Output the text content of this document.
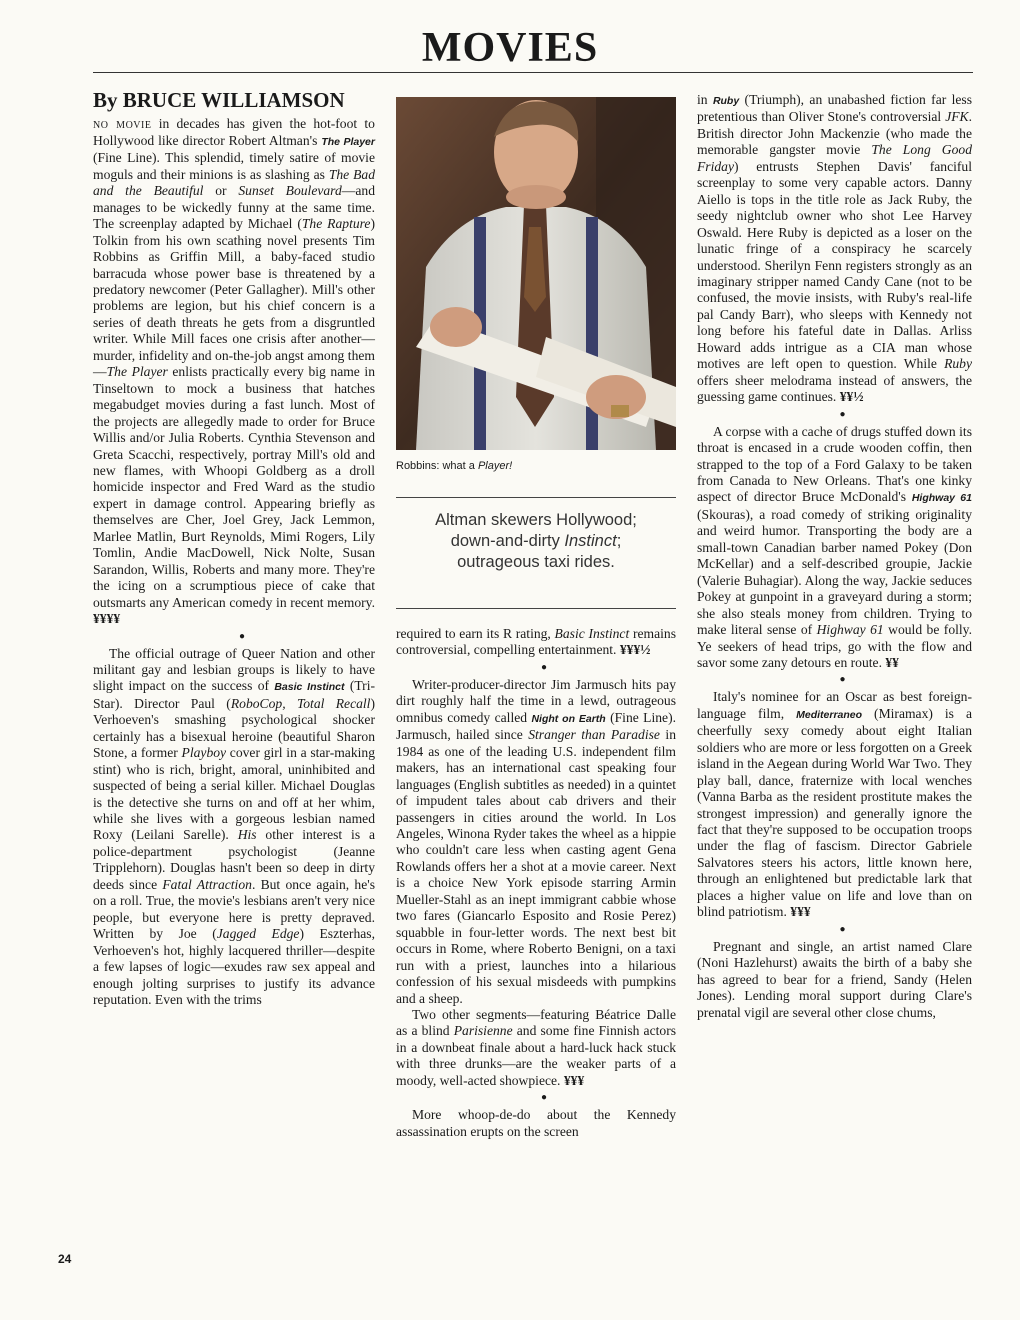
MOVIES
By BRUCE WILLIAMSON

no movie in decades has given the hot-foot to Hollywood like director Robert Altman's The Player (Fine Line). This splendid, timely satire of movie moguls and their minions is as slashing as The Bad and the Beautiful or Sunset Boulevard—and manages to be wickedly funny at the same time. The screenplay adapted by Michael (The Rapture) Tolkin from his own scathing novel presents Tim Robbins as Griffin Mill, a baby-faced studio barracuda whose power base is threatened by a predatory newcomer (Peter Gallagher). Mill's other problems are legion, but his chief concern is a series of death threats he gets from a disgruntled writer. While Mill faces one crisis after another—murder, infidelity and on-the-job angst among them—The Player enlists practically every big name in Tinseltown to mock a business that hatches megabudget movies during a fast lunch. Most of the projects are allegedly made to order for Bruce Willis and/or Julia Roberts. Cynthia Stevenson and Greta Scacchi, respectively, portray Mill's old and new flames, with Whoopi Goldberg as a droll homicide inspector and Fred Ward as the studio expert in damage control. Appearing briefly as themselves are Cher, Joel Grey, Jack Lemmon, Marlee Matlin, Burt Reynolds, Mimi Rogers, Lily Tomlin, Andie MacDowell, Nick Nolte, Susan Sarandon, Willis, Roberts and many more. They're the icing on a scrumptious piece of cake that outsmarts any American comedy in recent memory. ¥¥¥¥

●

The official outrage of Queer Nation and other militant gay and lesbian groups is likely to have slight impact on the success of Basic Instinct (Tri-Star). Director Paul (RoboCop, Total Recall) Verhoeven's smashing psychological shocker certainly has a bisexual heroine (beautiful Sharon Stone, a former Playboy cover girl in a star-making stint) who is rich, bright, amoral, uninhibited and suspected of being a serial killer. Michael Douglas is the detective she turns on and off at her whim, while she lives with a gorgeous lesbian named Roxy (Leilani Sarelle). His other interest is a police-department psychologist (Jeanne Tripplehorn). Douglas hasn't been so deep in dirty deeds since Fatal Attraction. But once again, he's on a roll. True, the movie's lesbians aren't very nice people, but everyone here is pretty depraved. Written by Joe (Jagged Edge) Eszterhas, Verhoeven's hot, highly lacquered thriller—despite a few lapses of logic—exudes raw sex appeal and enough jolting surprises to justify its advance reputation. Even with the trims

Robbins: what a Player!

Altman skewers Hollywood;
down-and-dirty Instinct;
outrageous taxi rides.

required to earn its R rating, Basic Instinct remains controversial, compelling entertainment. ¥¥¥½

●

Writer-producer-director Jim Jarmusch hits pay dirt roughly half the time in a lewd, outrageous omnibus comedy called Night on Earth (Fine Line). Jarmusch, hailed since Stranger than Paradise in 1984 as one of the leading U.S. independent film makers, has an international cast speaking four languages (English subtitles as needed) in a quintet of impudent tales about cab drivers and their passengers in cities around the world. In Los Angeles, Winona Ryder takes the wheel as a hippie who couldn't care less when casting agent Gena Rowlands offers her a shot at a movie career. Next is a choice New York episode starring Armin Mueller-Stahl as an inept immigrant cabbie whose two fares (Giancarlo Esposito and Rosie Perez) squabble in four-letter words. The next best bit occurs in Rome, where Roberto Benigni, on a taxi run with a priest, launches into a hilarious confession of his sexual misdeeds with pumpkins and a sheep.

Two other segments—featuring Béatrice Dalle as a blind Parisienne and some fine Finnish actors in a downbeat finale about a hard-luck hack stuck with three drunks—are the weaker parts of a moody, well-acted showpiece. ¥¥¥

●

More whoop-de-do about the Kennedy assassination erupts on the screen

in Ruby (Triumph), an unabashed fiction far less pretentious than Oliver Stone's controversial JFK. British director John Mackenzie (who made the memorable gangster movie The Long Good Friday) entrusts Stephen Davis' fanciful screenplay to some very capable actors. Danny Aiello is tops in the title role as Jack Ruby, the seedy nightclub owner who shot Lee Harvey Oswald. Here Ruby is depicted as a loser on the lunatic fringe of a conspiracy he scarcely understood. Sherilyn Fenn registers strongly as an imaginary stripper named Candy Cane (not to be confused, the movie insists, with Ruby's real-life pal Candy Barr), who sleeps with Kennedy not long before his fateful date in Dallas. Arliss Howard adds intrigue as a CIA man whose motives are left open to question. While Ruby offers sheer melodrama instead of answers, the guessing game continues. ¥¥½

●

A corpse with a cache of drugs stuffed down its throat is encased in a crude wooden coffin, then strapped to the top of a Ford Galaxy to be taken from Canada to New Orleans. That's one kinky aspect of director Bruce McDonald's Highway 61 (Skouras), a road comedy of striking originality and weird humor. Transporting the body are a small-town Canadian barber named Pokey (Don McKellar) and a self-described groupie, Jackie (Valerie Buhagiar). Along the way, Jackie seduces Pokey at gunpoint in a graveyard during a storm; she also steals money from children. Trying to make literal sense of Highway 61 would be folly. Ye seekers of head trips, go with the flow and savor some zany detours en route. ¥¥

●

Italy's nominee for an Oscar as best foreign-language film, Mediterraneo (Miramax) is a cheerfully sexy comedy about eight Italian soldiers who are more or less forgotten on a Greek island in the Aegean during World War Two. They play ball, dance, fraternize with local wenches (Vanna Barba as the resident prostitute makes the strongest impression) and generally ignore the fact that they're supposed to be occupation troops under the flag of fascism. Director Gabriele Salvatores steers his actors, little known here, through an enlightened but predictable lark that places a higher value on life and love than on blind patriotism. ¥¥¥

●

Pregnant and single, an artist named Clare (Noni Hazlehurst) awaits the birth of a baby she has agreed to bear for a friend, Sandy (Helen Jones). Lending moral support during Clare's prenatal vigil are several other close chums,

24
